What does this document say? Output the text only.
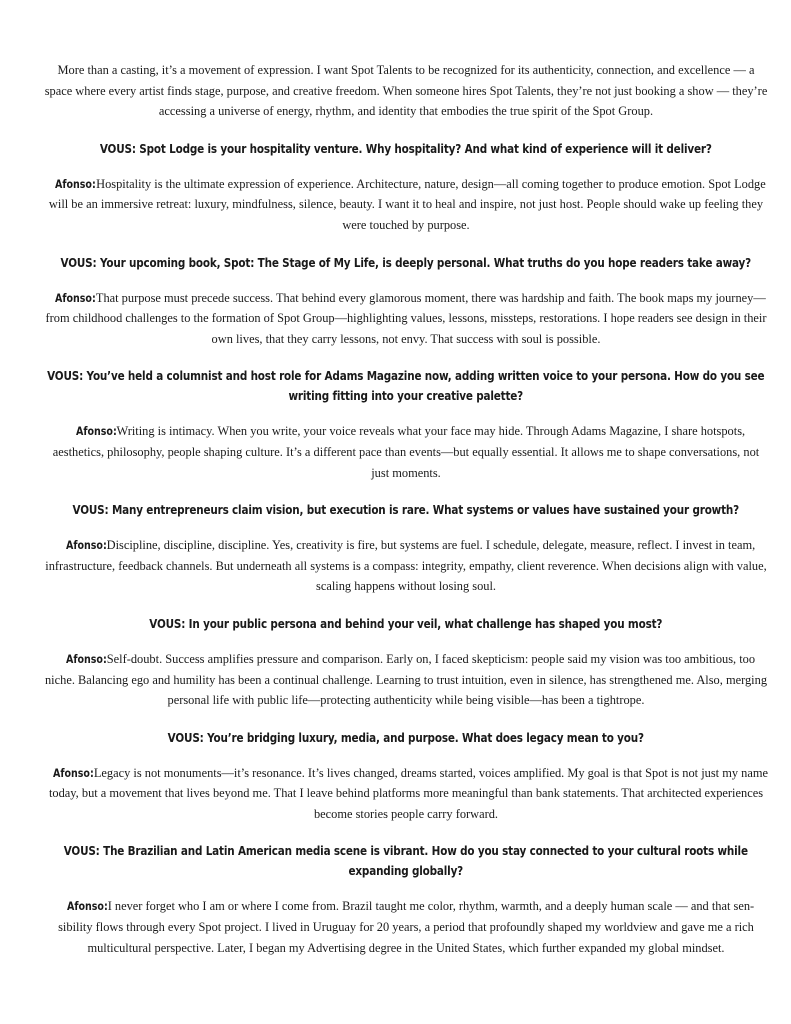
More than a casting, it’s a movement of expression. I want Spot Talents to be recognized for its authenticity, connection, and excellence — a space where every artist finds stage, purpose, and creative freedom. When someone hires Spot Talents, they’re not just booking a show — they’re accessing a universe of energy, rhythm, and identity that embodies the true spirit of the Spot Group.

VOUS: Spot Lodge is your hospitality venture. Why hospitality? And what kind of experience will it deliver?

Afonso: Hospitality is the ultimate expression of experience. Architecture, nature, design—all coming together to produce emotion. Spot Lodge will be an immersive retreat: luxury, mindfulness, silence, beauty. I want it to heal and inspire, not just host. People should wake up feeling they were touched by purpose.

VOUS: Your upcoming book, Spot: The Stage of My Life, is deeply personal. What truths do you hope readers take away?

Afonso: That purpose must precede success. That behind every glamorous moment, there was hardship and faith. The book maps my journey—from childhood challenges to the formation of Spot Group—highlighting values, lessons, missteps, restorations. I hope readers see design in their own lives, that they carry lessons, not envy. That success with soul is possible.

VOUS: You’ve held a columnist and host role for Adams Magazine now, adding written voice to your persona. How do you see writing fitting into your creative palette?

Afonso: Writing is intimacy. When you write, your voice reveals what your face may hide. Through Adams Magazine, I share hotspots, aesthetics, philosophy, people shaping culture. It’s a different pace than events—but equally essential. It allows me to shape conversations, not just moments.

VOUS: Many entrepreneurs claim vision, but execution is rare. What systems or values have sustained your growth?

Afonso: Discipline, discipline, discipline. Yes, creativity is fire, but systems are fuel. I schedule, delegate, measure, reflect. I invest in team, infrastructure, feedback channels. But underneath all systems is a compass: integrity, empathy, client reverence. When decisions align with value, scaling happens without losing soul.

VOUS: In your public persona and behind your veil, what challenge has shaped you most?

Afonso: Self-doubt. Success amplifies pressure and comparison. Early on, I faced skepticism: people said my vision was too ambitious, too niche. Balancing ego and humility has been a continual challenge. Learning to trust intuition, even in silence, has strengthened me. Also, merging personal life with public life—protecting authenticity while being visible—has been a tightrope.

VOUS: You’re bridging luxury, media, and purpose. What does legacy mean to you?

Afonso: Legacy is not monuments—it’s resonance. It’s lives changed, dreams started, voices amplified. My goal is that Spot is not just my name today, but a movement that lives beyond me. That I leave behind platforms more meaningful than bank statements. That architected experiences become stories people carry forward.

VOUS: The Brazilian and Latin American media scene is vibrant. How do you stay connected to your cultural roots while expanding globally?

Afonso: I never forget who I am or where I come from. Brazil taught me color, rhythm, warmth, and a deeply human scale — and that sen-sibility flows through every Spot project. I lived in Uruguay for 20 years, a period that profoundly shaped my worldview and gave me a rich multicultural perspective. Later, I began my Advertising degree in the United States, which further expanded my global mindset.
